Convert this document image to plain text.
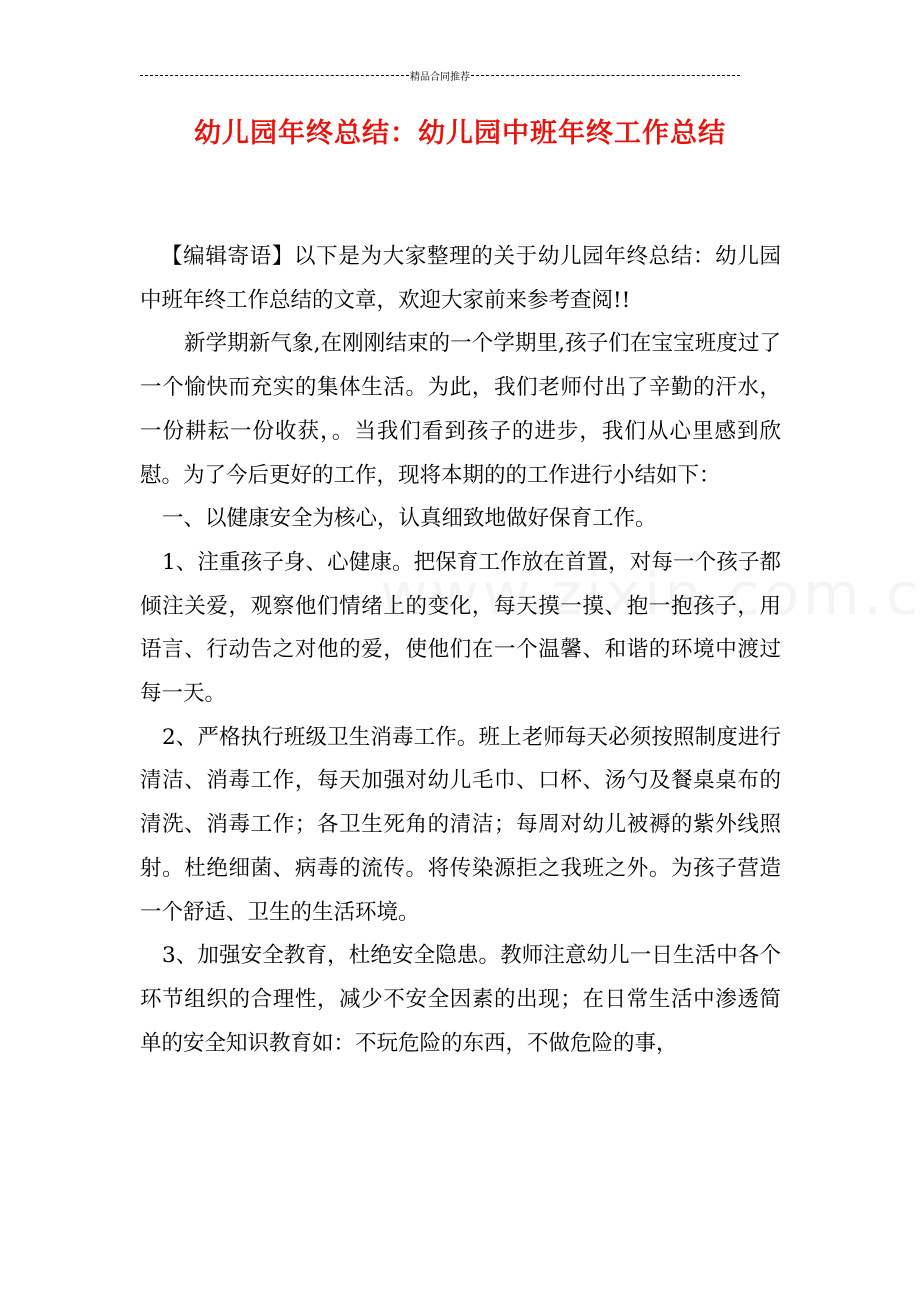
精品合同推荐
幼儿园年终总结：幼儿园中班年终工作总结

【编辑寄语】以下是为大家整理的关于幼儿园年终总结：幼儿园中班年终工作总结的文章，欢迎大家前来参考查阅!!

新学期新气象,在刚刚结束的一个学期里,孩子们在宝宝班度过了一个愉快而充实的集体生活。为此，我们老师付出了辛勤的汗水，一份耕耘一份收获，。当我们看到孩子的进步，我们从心里感到欣慰。为了今后更好的工作，现将本期的的工作进行小结如下：

一、以健康安全为核心，认真细致地做好保育工作。

1、注重孩子身、心健康。把保育工作放在首置，对每一个孩子都倾注关爱，观察他们情绪上的变化，每天摸一摸、抱一抱孩子，用语言、行动告之对他的爱，使他们在一个温馨、和谐的环境中渡过每一天。

2、严格执行班级卫生消毒工作。班上老师每天必须按照制度进行清洁、消毒工作，每天加强对幼儿毛巾、口杯、汤勺及餐桌桌布的清洗、消毒工作；各卫生死角的清洁；每周对幼儿被褥的紫外线照射。杜绝细菌、病毒的流传。将传染源拒之我班之外。为孩子营造一个舒适、卫生的生活环境。

3、加强安全教育，杜绝安全隐患。教师注意幼儿一日生活中各个环节组织的合理性，减少不安全因素的出现；在日常生活中渗透简单的安全知识教育如：不玩危险的东西，不做危险的事，
